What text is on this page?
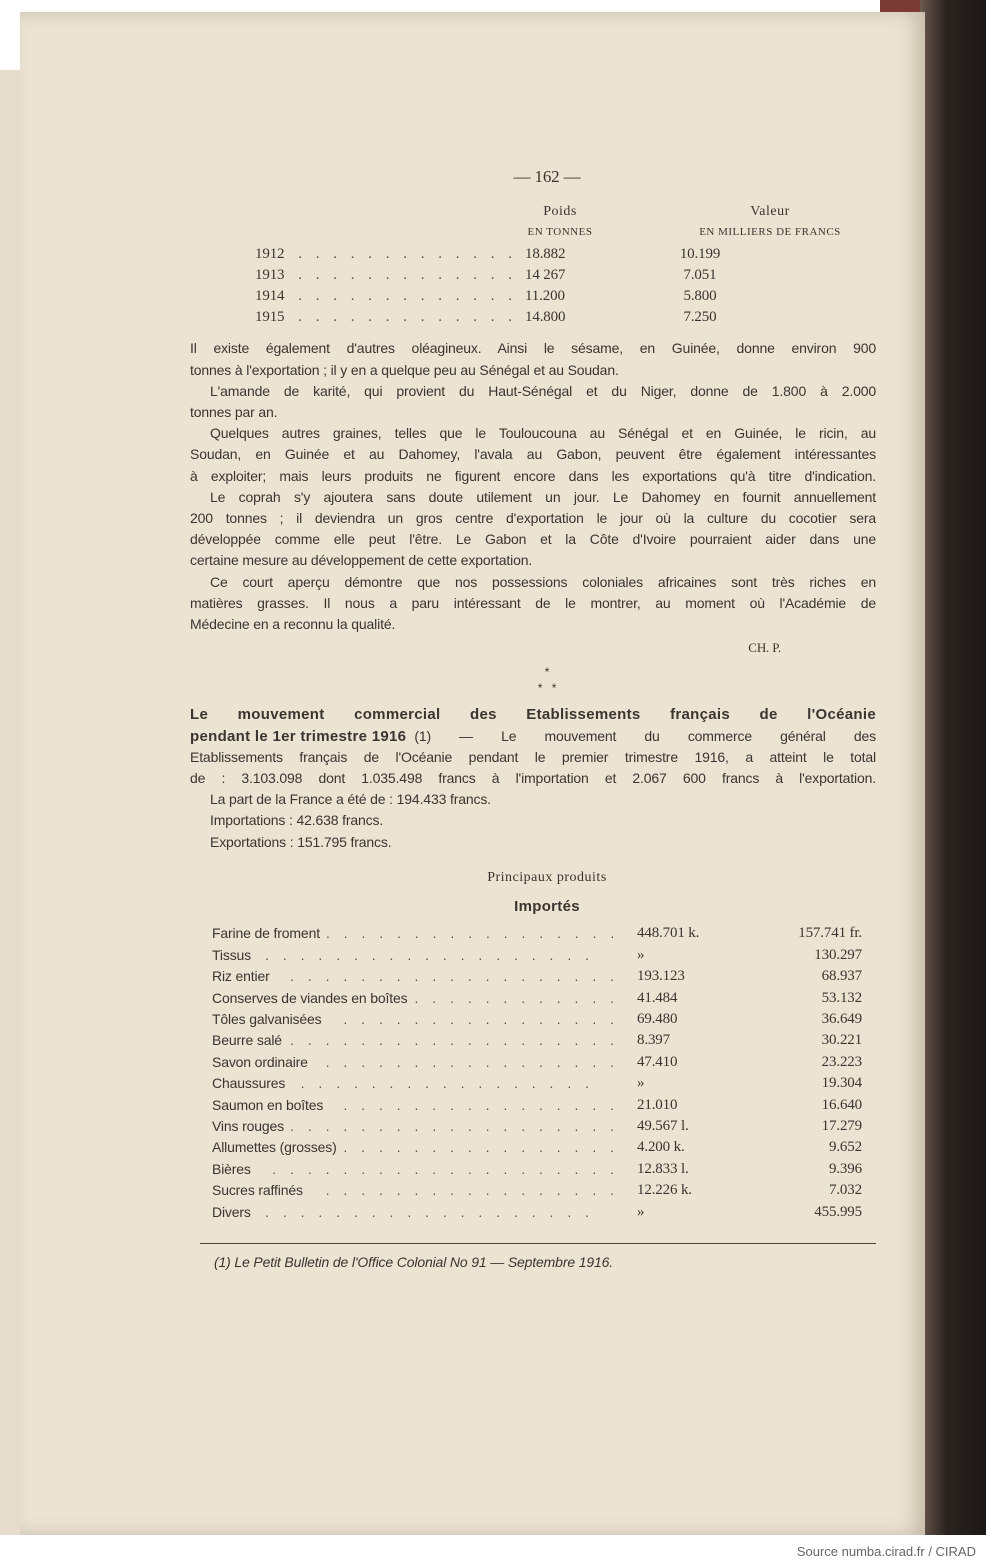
— 162 —
Poids	Valeur
EN TONNES	EN MILLIERS DE FRANCS
1912 . . . . . . . . . . . . . 18.882	10.199
1913 . . . . . . . . . . . . . 14 267	7.051
1914 . . . . . . . . . . . . . 11.200	5.800
1915 . . . . . . . . . . . . . 14.800	7.250
Il existe également d'autres oléagineux. Ainsi le sésame, en Guinée, donne environ 900
tonnes à l'exportation ; il y en a quelque peu au Sénégal et au Soudan.
L'amande de karité, qui provient du Haut-Sénégal et du Niger, donne de 1.800 à 2.000
tonnes par an.
Quelques autres graines, telles que le Touloucouna au Sénégal et en Guinée, le ricin, au
Soudan, en Guinée et au Dahomey, l'avala au Gabon, peuvent être également intéressantes
à exploiter; mais leurs produits ne figurent encore dans les exportations qu'à titre d'indication.
Le coprah s'y ajoutera sans doute utilement un jour. Le Dahomey en fournit annuellement
200 tonnes ; il deviendra un gros centre d'exportation le jour où la culture du cocotier sera
développée comme elle peut l'être. Le Gabon et la Côte d'Ivoire pourraient aider dans une
certaine mesure au développement de cette exportation.
Ce court aperçu démontre que nos possessions coloniales africaines sont très riches en
matières grasses. Il nous a paru intéressant de le montrer, au moment où l'Académie de
Médecine en a reconnu la qualité.
CH. P.
*
*   *
Le mouvement commercial des Etablissements français de l'Océanie
pendant le 1er trimestre 1916 (1) — Le mouvement du commerce général des
Etablissements français de l'Océanie pendant le premier trimestre 1916, a atteint le total
de : 3.103.098 dont 1.035.498 francs à l'importation et 2.067 600 francs à l'exportation.
La part de la France a été de : 194.433 francs.
Importations : 42.638 francs.
Exportations : 151.795 francs.
Principaux produits
Importés
Farine de froment . . . . . . . . . . . . . . . . .	448.701 k.	157.741 fr.
Tissus	. . . . . . . . . . . . . . . . . . .	»	130.297
Riz entier	. . . . . . . . . . . . . . . . . . .	193.123	68.937
Conserves de viandes en boîtes . . . . . . . . . . . .	41.484	53.132
Tôles galvanisées	. . . . . . . . . . . . . . . .	69.480	36.649
Beurre salé . . . . . . . . . . . . . . . . . . .	8.397	30.221
Savon ordinaire	. . . . . . . . . . . . . . . . .	47.410	23.223
Chaussures	. . . . . . . . . . . . . . . . .	»	19.304
Saumon en boîtes	. . . . . . . . . . . . . . . .	21.010	16.640
Vins rouges . . . . . . . . . . . . . . . . . . .	49.567 l.	17.279
Allumettes (grosses) . . . . . . . . . . . . . . . .	4.200 k.	9.652
Bières	. . . . . . . . . . . . . . . . . . . .	12.833 l.	9.396
Sucres raffinés	. . . . . . . . . . . . . . . . .	12.226 k.	7.032
Divers	. . . . . . . . . . . . . . . . . . .	»	455.995
(1) Le Petit Bulletin de l'Office Colonial No 91 — Septembre 1916.
Source numba.cirad.fr / CIRAD
